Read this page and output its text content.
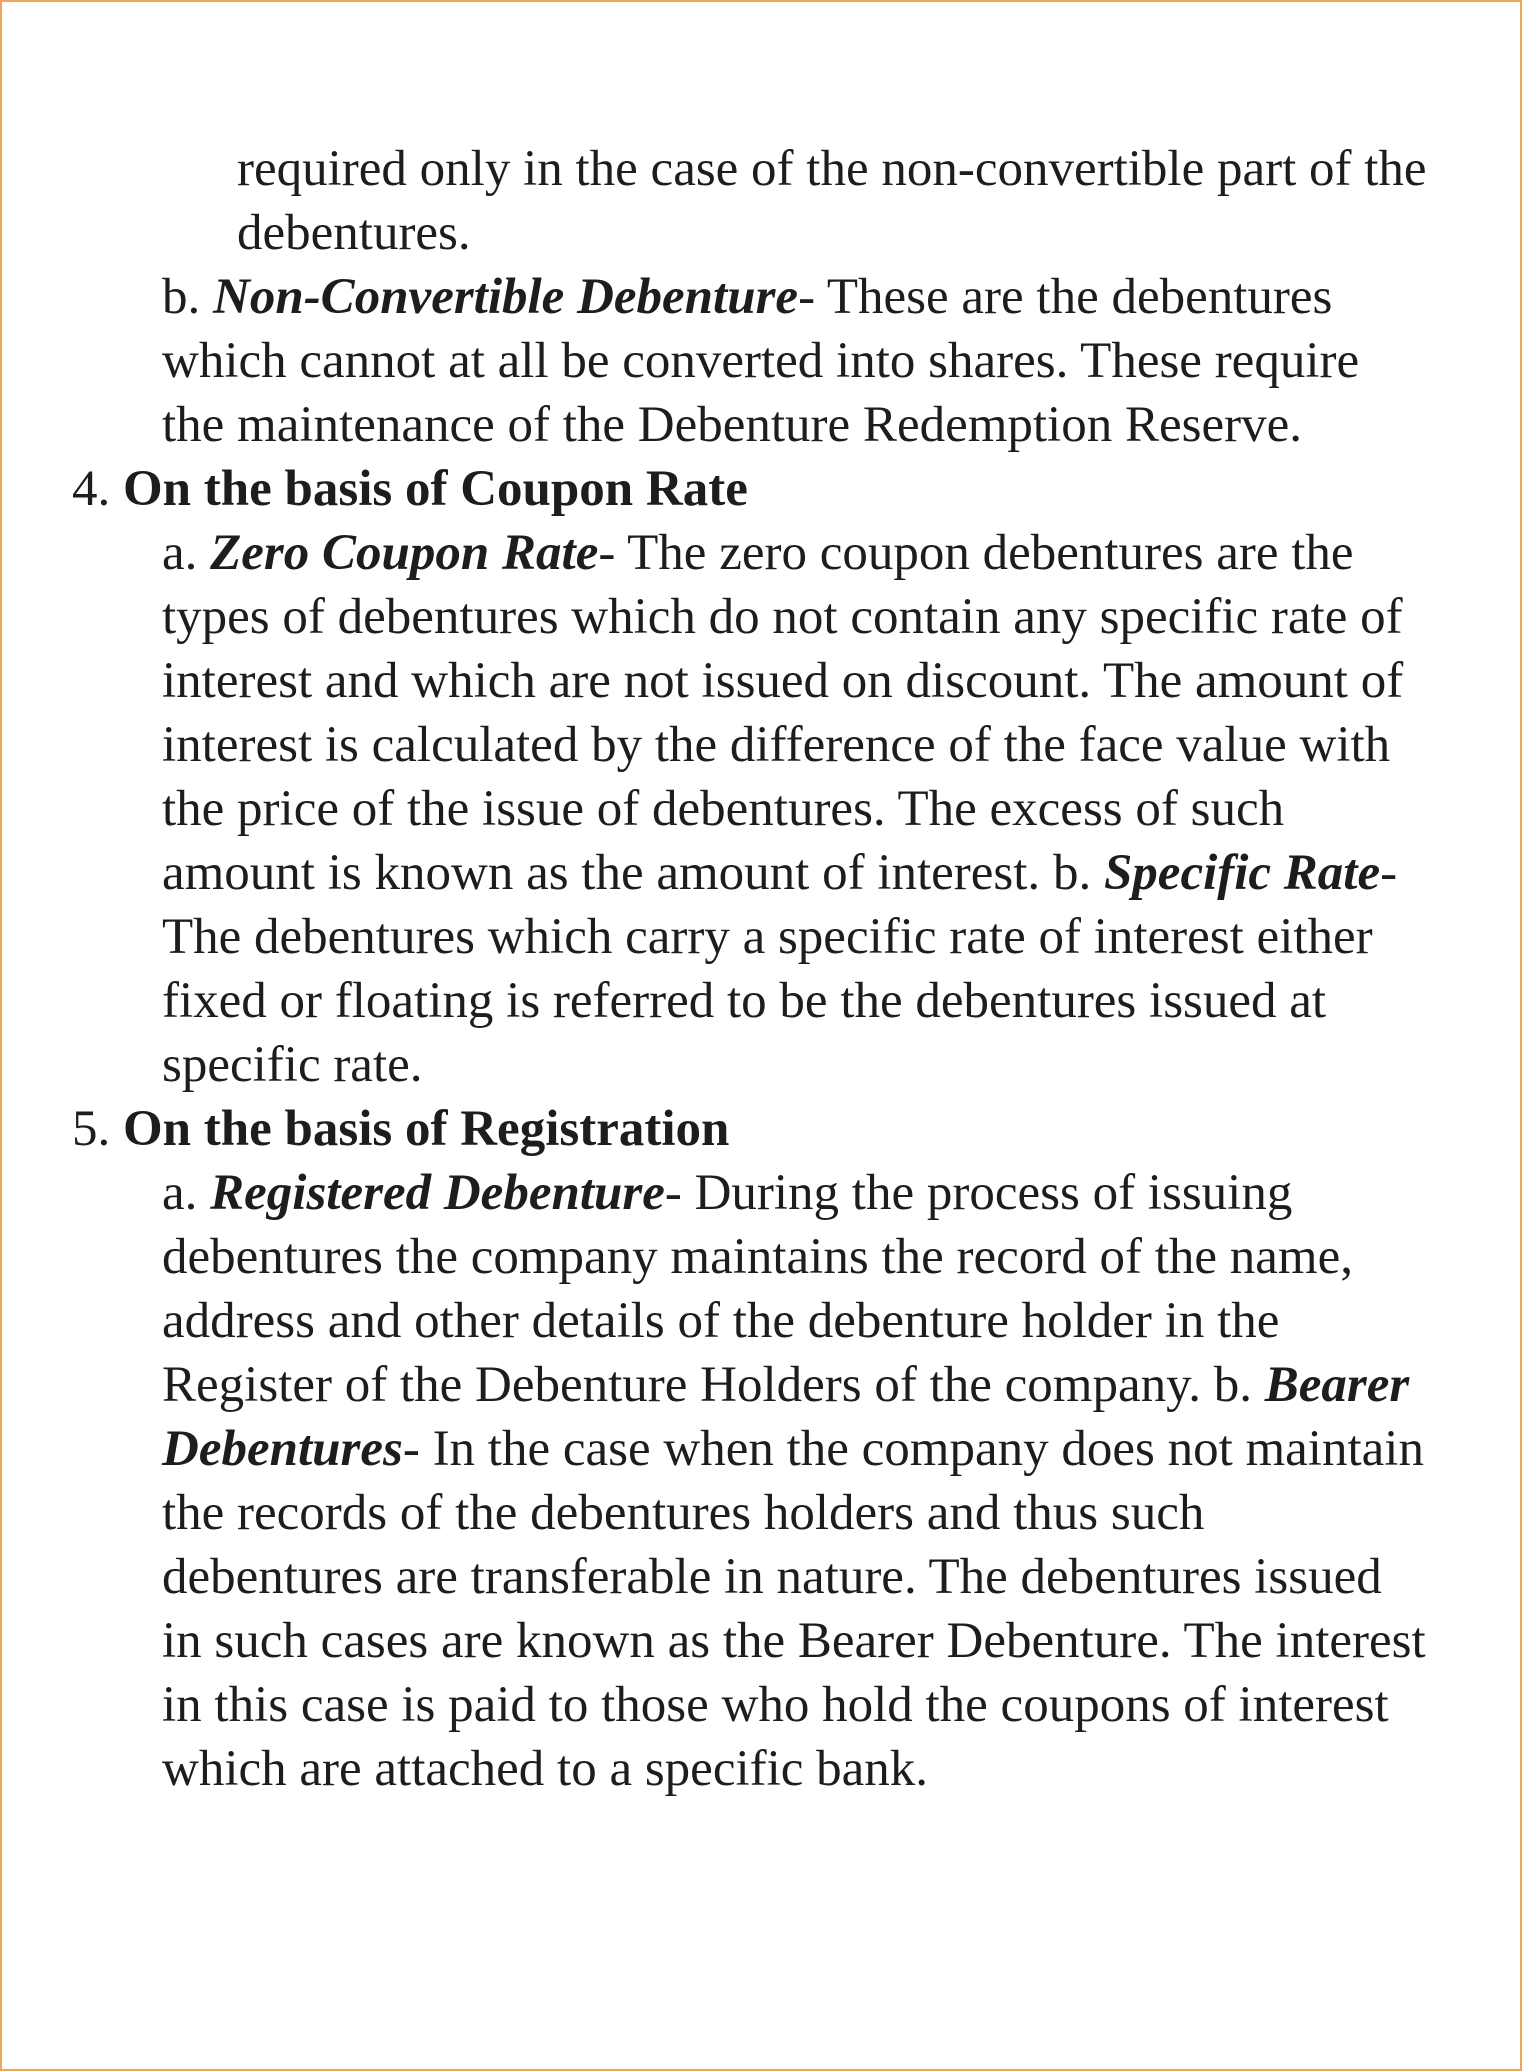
required only in the case of the non-convertible part of the debentures.

b. Non-Convertible Debenture- These are the debentures which cannot at all be converted into shares. These require the maintenance of the Debenture Redemption Reserve.

4. On the basis of Coupon Rate

a. Zero Coupon Rate- The zero coupon debentures are the types of debentures which do not contain any specific rate of interest and which are not issued on discount. The amount of interest is calculated by the difference of the face value with the price of the issue of debentures. The excess of such amount is known as the amount of interest. b. Specific Rate- The debentures which carry a specific rate of interest either fixed or floating is referred to be the debentures issued at specific rate.

5. On the basis of Registration

a. Registered Debenture- During the process of issuing debentures the company maintains the record of the name, address and other details of the debenture holder in the Register of the Debenture Holders of the company. b. Bearer Debentures- In the case when the company does not maintain the records of the debentures holders and thus such debentures are transferable in nature. The debentures issued in such cases are known as the Bearer Debenture. The interest in this case is paid to those who hold the coupons of interest which are attached to a specific bank.
